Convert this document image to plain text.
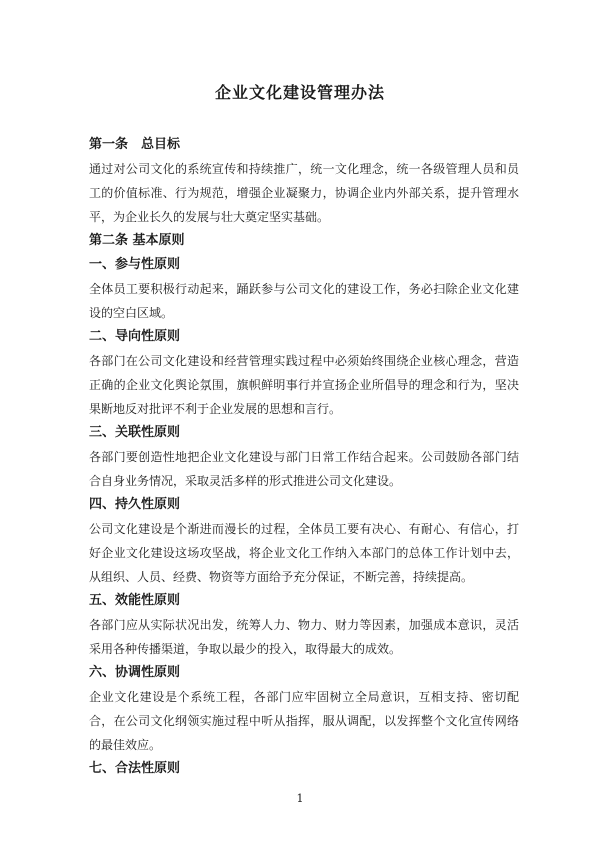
企业文化建设管理办法
第一条　总目标
通过对公司文化的系统宣传和持续推广，统一文化理念，统一各级管理人员和员工的价值标准、行为规范，增强企业凝聚力，协调企业内外部关系，提升管理水平，为企业长久的发展与壮大奠定坚实基础。
第二条 基本原则
一、参与性原则
全体员工要积极行动起来，踊跃参与公司文化的建设工作，务必扫除企业文化建设的空白区域。
二、导向性原则
各部门在公司文化建设和经营管理实践过程中必须始终围绕企业核心理念，营造正确的企业文化舆论氛围，旗帜鲜明事行并宣扬企业所倡导的理念和行为，坚决果断地反对批评不利于企业发展的思想和言行。
三、关联性原则
各部门要创造性地把企业文化建设与部门日常工作结合起来。公司鼓励各部门结合自身业务情况，采取灵活多样的形式推进公司文化建设。
四、持久性原则
公司文化建设是个渐进而漫长的过程，全体员工要有决心、有耐心、有信心，打好企业文化建设这场攻坚战，将企业文化工作纳入本部门的总体工作计划中去，从组织、人员、经费、物资等方面给予充分保证，不断完善，持续提高。
五、效能性原则
各部门应从实际状况出发，统筹人力、物力、财力等因素，加强成本意识，灵活采用各种传播渠道，争取以最少的投入，取得最大的成效。
六、协调性原则
企业文化建设是个系统工程，各部门应牢固树立全局意识，互相支持、密切配合，在公司文化纲领实施过程中听从指挥，服从调配，以发挥整个文化宣传网络的最佳效应。
七、合法性原则
1
